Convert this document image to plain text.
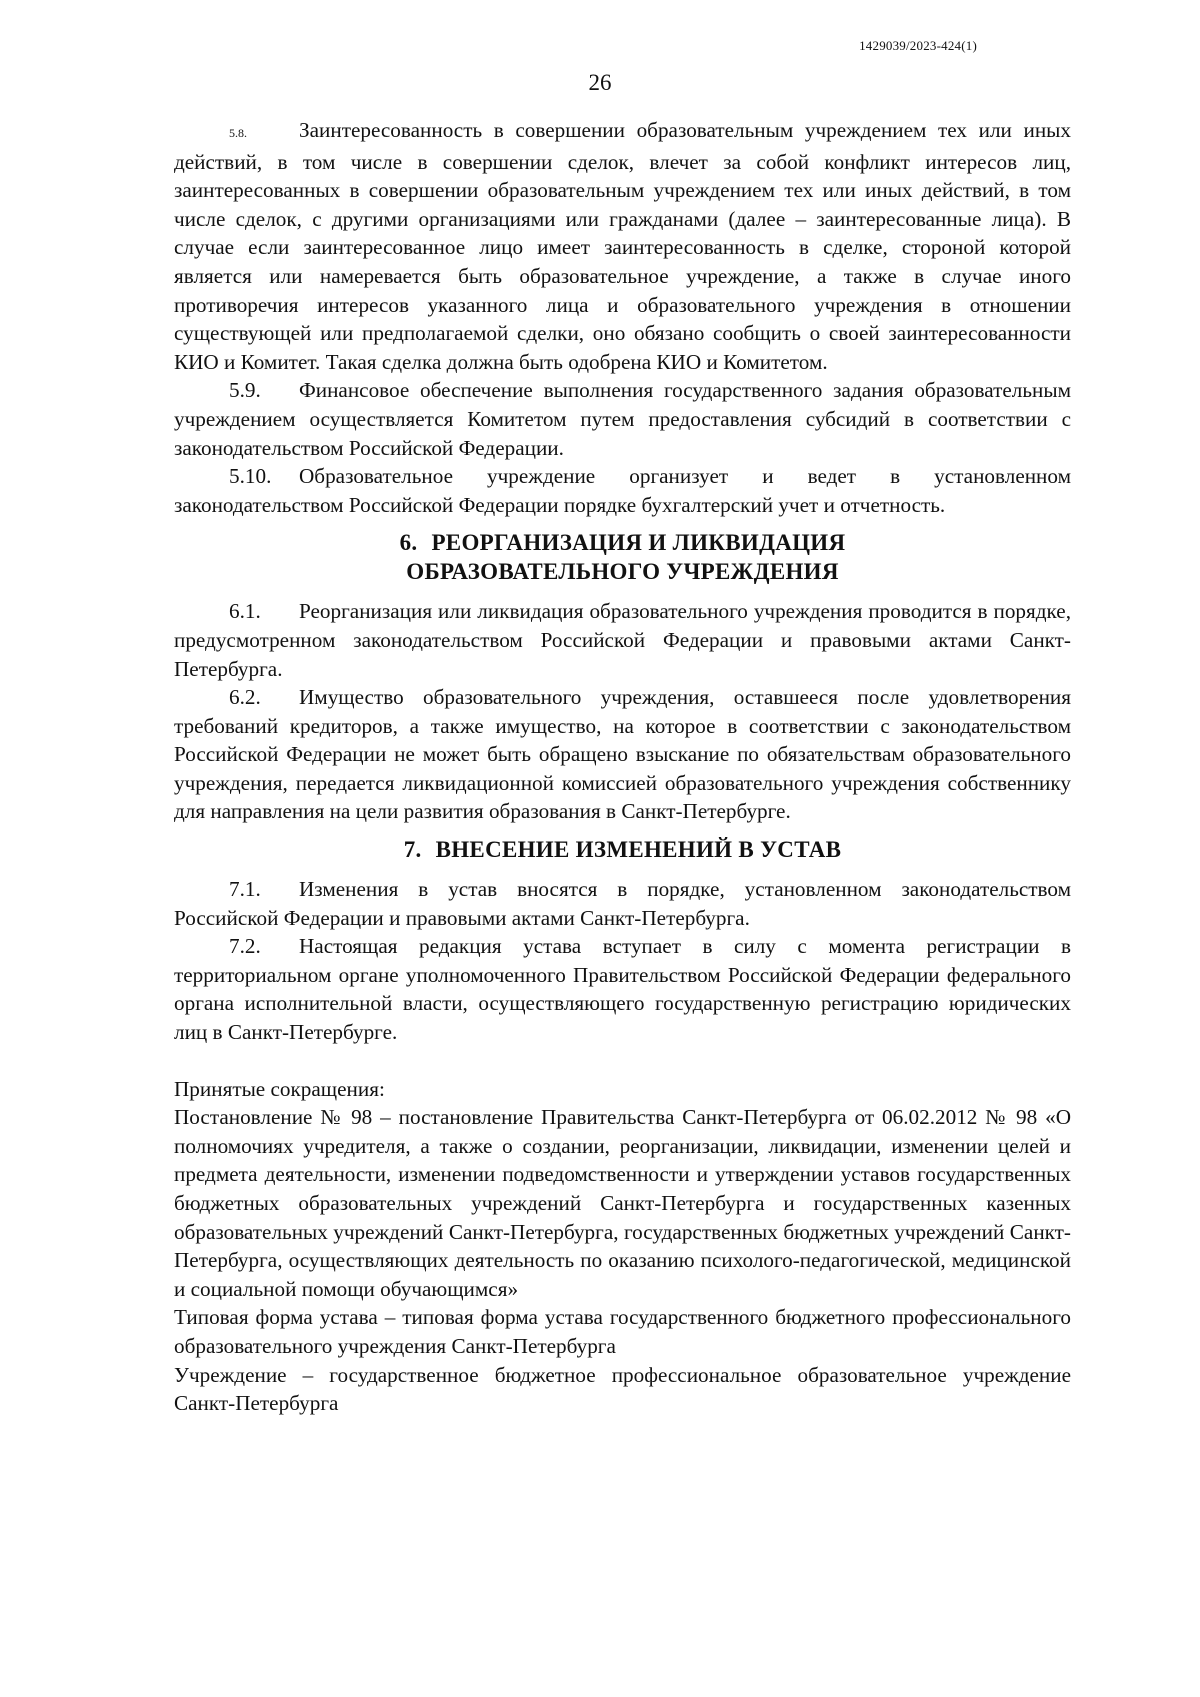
1429039/2023-424(1)
26

5.8. Заинтересованность в совершении образовательным учреждением тех или иных действий, в том числе в совершении сделок, влечет за собой конфликт интересов лиц, заинтересованных в совершении образовательным учреждением тех или иных действий, в том числе сделок, с другими организациями или гражданами (далее – заинтересованные лица). В случае если заинтересованное лицо имеет заинтересованность в сделке, стороной которой является или намеревается быть образовательное учреждение, а также в случае иного противоречия интересов указанного лица и образовательного учреждения в отношении существующей или предполагаемой сделки, оно обязано сообщить о своей заинтересованности КИО и Комитет. Такая сделка должна быть одобрена КИО и Комитетом.

5.9. Финансовое обеспечение выполнения государственного задания образовательным учреждением осуществляется Комитетом путем предоставления субсидий в соответствии с законодательством Российской Федерации.

5.10. Образовательное учреждение организует и ведет в установленном законодательством Российской Федерации порядке бухгалтерский учет и отчетность.

6. РЕОРГАНИЗАЦИЯ И ЛИКВИДАЦИЯ
ОБРАЗОВАТЕЛЬНОГО УЧРЕЖДЕНИЯ

6.1. Реорганизация или ликвидация образовательного учреждения проводится в порядке, предусмотренном законодательством Российской Федерации и правовыми актами Санкт-Петербурга.

6.2. Имущество образовательного учреждения, оставшееся после удовлетворения требований кредиторов, а также имущество, на которое в соответствии с законодательством Российской Федерации не может быть обращено взыскание по обязательствам образовательного учреждения, передается ликвидационной комиссией образовательного учреждения собственнику для направления на цели развития образования в Санкт-Петербурге.

7. ВНЕСЕНИЕ ИЗМЕНЕНИЙ В УСТАВ

7.1. Изменения в устав вносятся в порядке, установленном законодательством Российской Федерации и правовыми актами Санкт-Петербурга.

7.2. Настоящая редакция устава вступает в силу с момента регистрации в территориальном органе уполномоченного Правительством Российской Федерации федерального органа исполнительной власти, осуществляющего государственную регистрацию юридических лиц в Санкт-Петербурге.

Принятые сокращения:

Постановление № 98 – постановление Правительства Санкт-Петербурга от 06.02.2012 № 98 «О полномочиях учредителя, а также о создании, реорганизации, ликвидации, изменении целей и предмета деятельности, изменении подведомственности и утверждении уставов государственных бюджетных образовательных учреждений Санкт-Петербурга и государственных казенных образовательных учреждений Санкт-Петербурга, государственных бюджетных учреждений Санкт-Петербурга, осуществляющих деятельность по оказанию психолого-педагогической, медицинской и социальной помощи обучающимся»

Типовая форма устава – типовая форма устава государственного бюджетного профессионального образовательного учреждения Санкт-Петербурга

Учреждение – государственное бюджетное профессиональное образовательное учреждение Санкт-Петербурга
